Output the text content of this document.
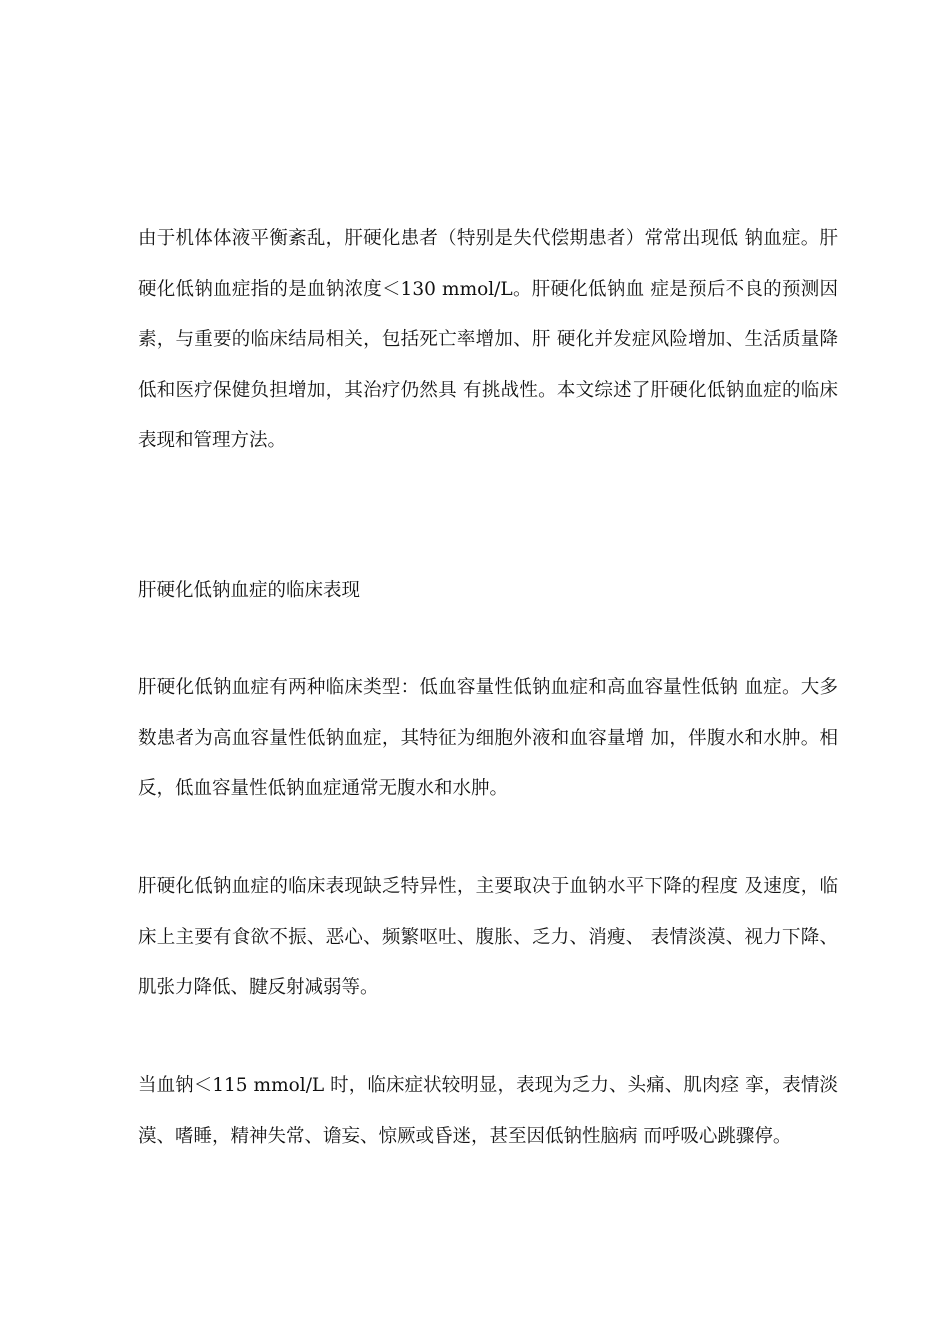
由于机体体液平衡紊乱，肝硬化患者（特别是失代偿期患者）常常出现低 钠血症。肝硬化低钠血症指的是血钠浓度＜130 mmol/L。肝硬化低钠血 症是预后不良的预测因素，与重要的临床结局相关，包括死亡率增加、肝 硬化并发症风险增加、生活质量降低和医疗保健负担增加，其治疗仍然具 有挑战性。本文综述了肝硬化低钠血症的临床表现和管理方法。

肝硬化低钠血症的临床表现

肝硬化低钠血症有两种临床类型：低血容量性低钠血症和高血容量性低钠 血症。大多数患者为高血容量性低钠血症，其特征为细胞外液和血容量增 加，伴腹水和水肿。相反，低血容量性低钠血症通常无腹水和水肿。

肝硬化低钠血症的临床表现缺乏特异性，主要取决于血钠水平下降的程度 及速度，临床上主要有食欲不振、恶心、频繁呕吐、腹胀、乏力、消瘦、 表情淡漠、视力下降、肌张力降低、腱反射减弱等。

当血钠＜115 mmol/L 时，临床症状较明显，表现为乏力、头痛、肌肉痉 挛，表情淡漠、嗜睡，精神失常、谵妄、惊厥或昏迷，甚至因低钠性脑病 而呼吸心跳骤停。
